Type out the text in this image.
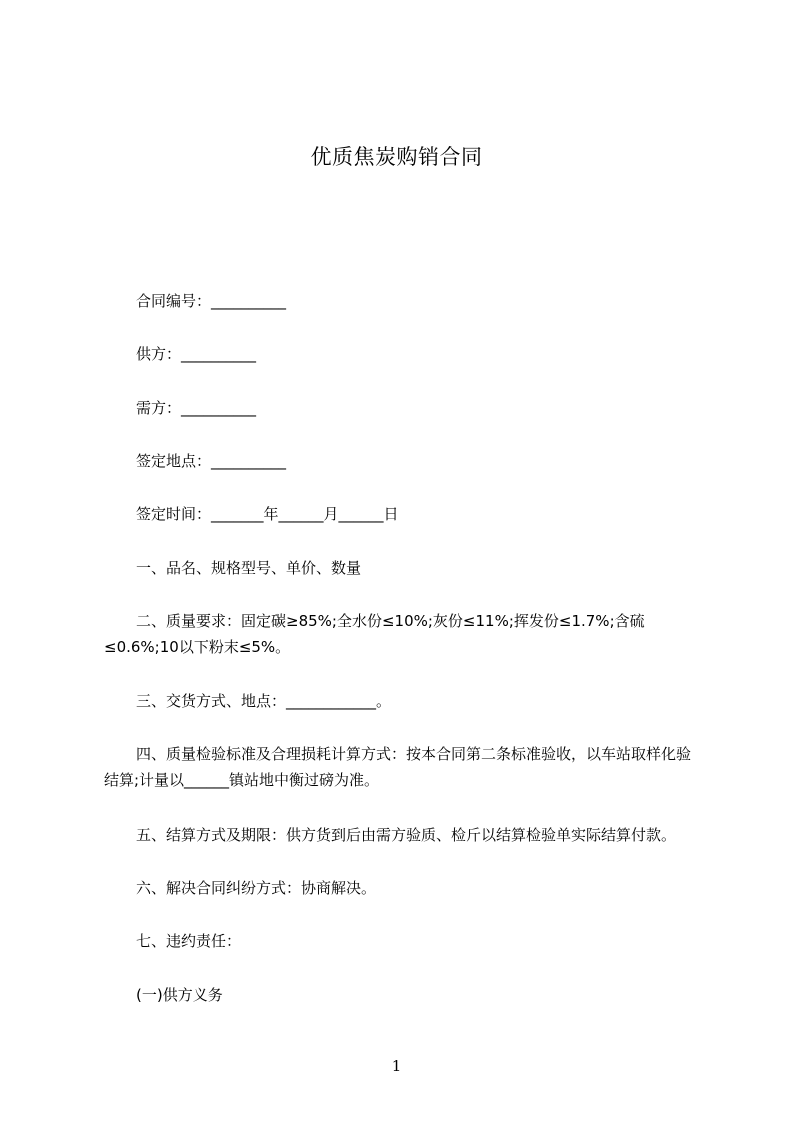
优质焦炭购销合同
合同编号：__________
供方：__________
需方：__________
签定地点：__________
签定时间：_______年______月______日
一、品名、规格型号、单价、数量
二、质量要求：固定碳≥85%;全水份≤10%;灰份≤11%;挥发份≤1.7%;含硫≤0.6%;10以下粉末≤5%。
三、交货方式、地点：____________。
四、质量检验标准及合理损耗计算方式：按本合同第二条标准验收，以车站取样化验结算;计量以______镇站地中衡过磅为准。
五、结算方式及期限：供方货到后由需方验质、检斤以结算检验单实际结算付款。
六、解决合同纠纷方式：协商解决。
七、违约责任：
(一)供方义务
1
